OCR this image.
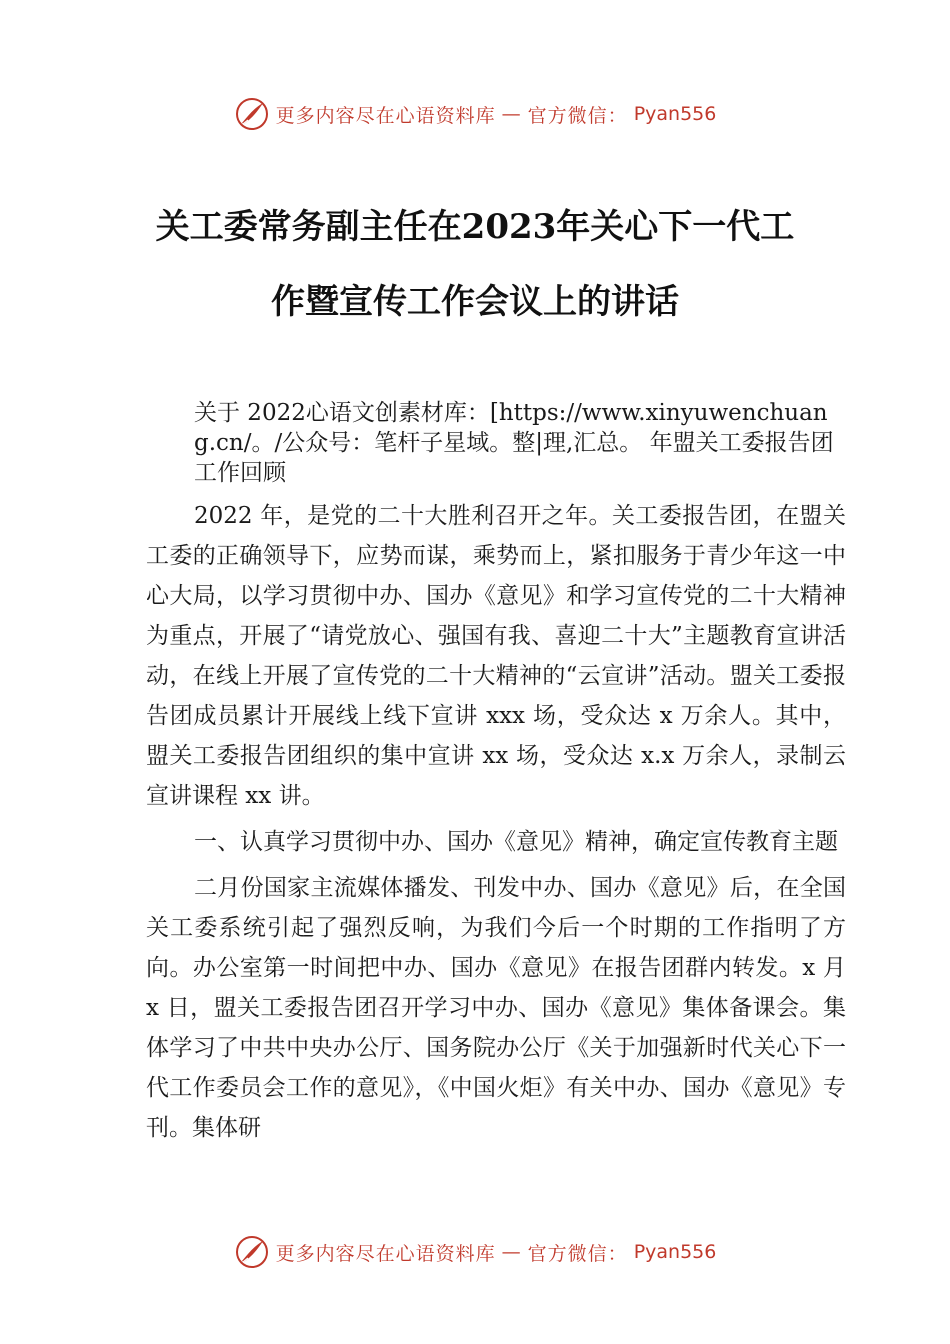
更多内容尽在心语资料库 — 官方微信： Pyan556
关工委常务副主任在2023年关心下一代工
作暨宣传工作会议上的讲话
关于 2022心语文创素材库：[https://www.xinyuwenchuang.cn/。/公众号：笔杆子星域。整|理,汇总。 年盟关工委报告团工作回顾

2022 年，是党的二十大胜利召开之年。关工委报告团，在盟关工委的正确领导下，应势而谋，乘势而上，紧扣服务于青少年这一中心大局，以学习贯彻中办、国办《意见》和学习宣传党的二十大精神为重点，开展了“请党放心、强国有我、喜迎二十大”主题教育宣讲活动，在线上开展了宣传党的二十大精神的“云宣讲”活动。盟关工委报告团成员累计开展线上线下宣讲 xxx 场，受众达 x 万余人。其中，盟关工委报告团组织的集中宣讲 xx 场，受众达 x.x 万余人，录制云宣讲课程 xx 讲。

一、认真学习贯彻中办、国办《意见》精神，确定宣传教育主题

二月份国家主流媒体播发、刊发中办、国办《意见》后，在全国关工委系统引起了强烈反响，为我们今后一个时期的工作指明了方向。办公室第一时间把中办、国办《意见》在报告团群内转发。x 月 x 日，盟关工委报告团召开学习中办、国办《意见》集体备课会。集体学习了中共中央办公厅、国务院办公厅《关于加强新时代关心下一代工作委员会工作的意见》，《中国火炬》有关中办、国办《意见》专刊。集体研

更多内容尽在心语资料库 — 官方微信： Pyan556
